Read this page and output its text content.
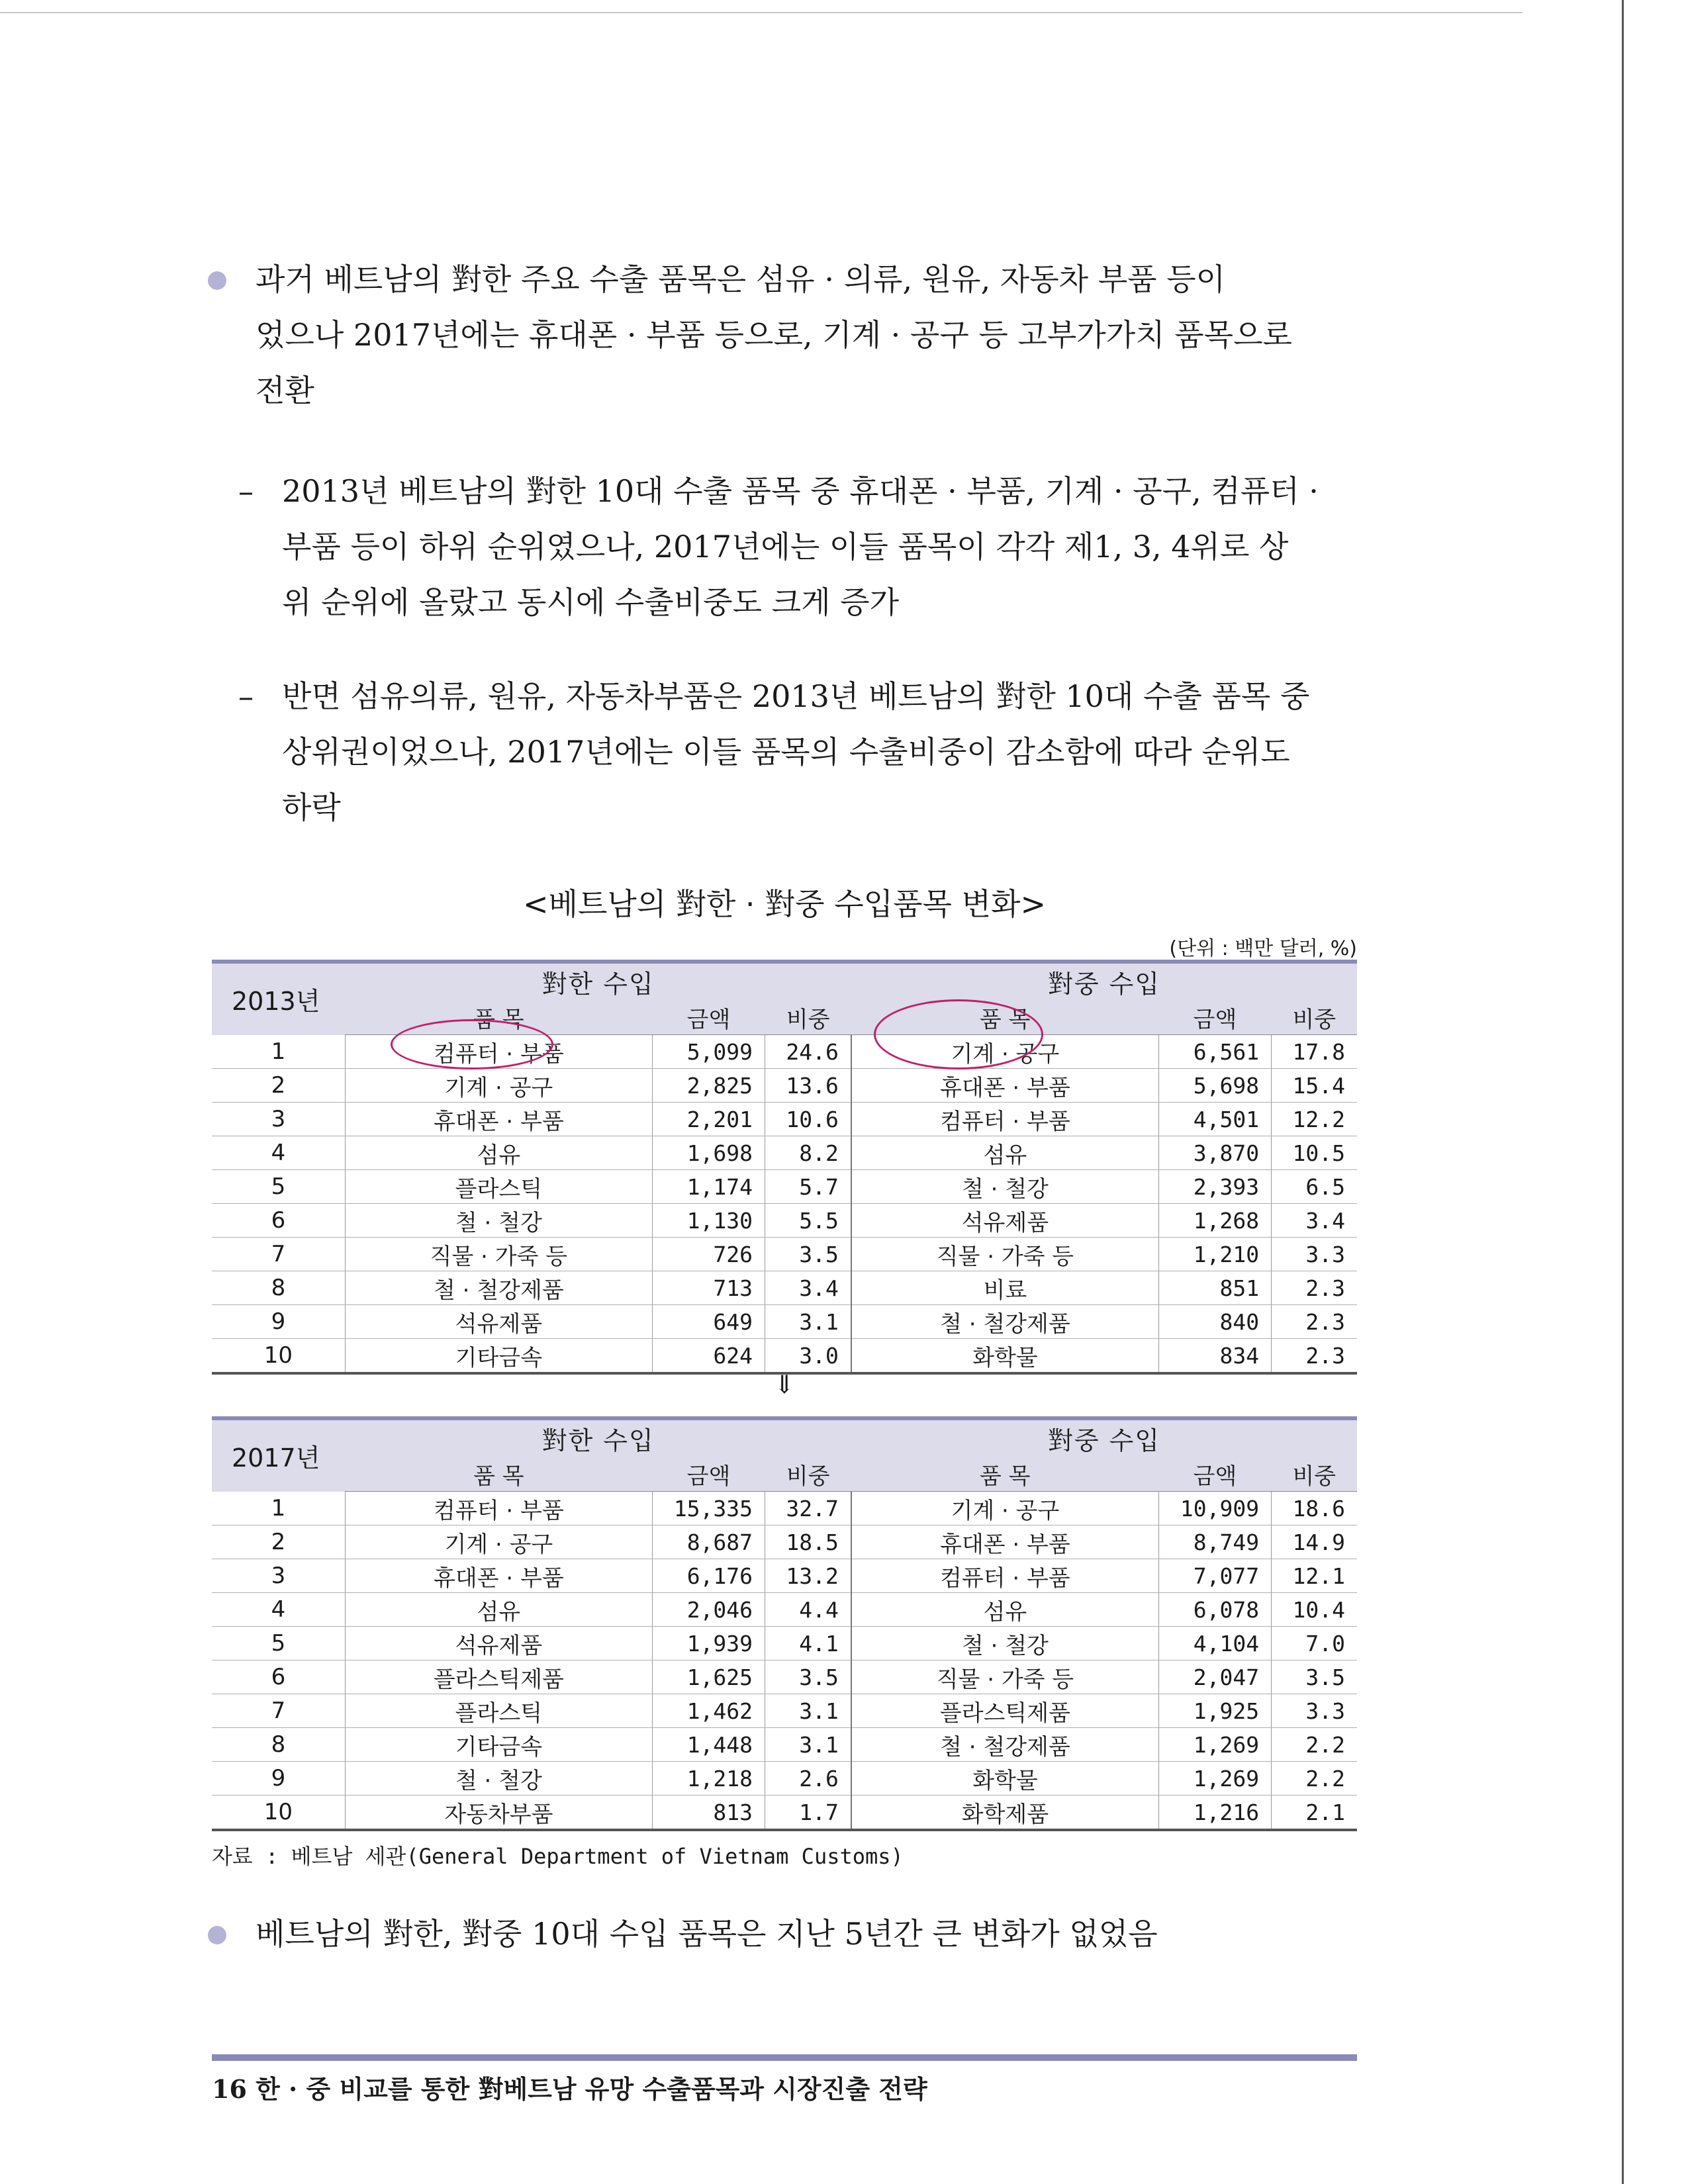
과거 베트남의 對한 주요 수출 품목은 섬유 · 의류, 원유, 자동차 부품 등이
었으나 2017년에는 휴대폰 · 부품 등으로, 기계 · 공구 등 고부가가치 품목으로
전환
– 2013년 베트남의 對한 10대 수출 품목 중 휴대폰 · 부품, 기계 · 공구, 컴퓨터 ·
부품 등이 하위 순위였으나, 2017년에는 이들 품목이 각각 제1, 3, 4위로 상
위 순위에 올랐고 동시에 수출비중도 크게 증가
– 반면 섬유의류, 원유, 자동차부품은 2013년 베트남의 對한 10대 수출 품목 중
상위권이었으나, 2017년에는 이들 품목의 수출비중이 감소함에 따라 순위도
하락
<베트남의 對한 · 對중 수입품목 변화>
(단위 : 백만 달러, %)
2013년	對한 수입			對중 수입		
	품 목	금액	비중	품 목	금액	비중
1	컴퓨터 · 부품	5,099	24.6	기계 · 공구	6,561	17.8
2	기계 · 공구	2,825	13.6	휴대폰 · 부품	5,698	15.4
3	휴대폰 · 부품	2,201	10.6	컴퓨터 · 부품	4,501	12.2
4	섬유	1,698	8.2	섬유	3,870	10.5
5	플라스틱	1,174	5.7	철 · 철강	2,393	6.5
6	철 · 철강	1,130	5.5	석유제품	1,268	3.4
7	직물 · 가죽 등	726	3.5	직물 · 가죽 등	1,210	3.3
8	철 · 철강제품	713	3.4	비료	851	2.3
9	석유제품	649	3.1	철 · 철강제품	840	2.3
10	기타금속	624	3.0	화학물	834	2.3
⇓
2017년	對한 수입			對중 수입		
	품 목	금액	비중	품 목	금액	비중
1	컴퓨터 · 부품	15,335	32.7	기계 · 공구	10,909	18.6
2	기계 · 공구	8,687	18.5	휴대폰 · 부품	8,749	14.9
3	휴대폰 · 부품	6,176	13.2	컴퓨터 · 부품	7,077	12.1
4	섬유	2,046	4.4	섬유	6,078	10.4
5	석유제품	1,939	4.1	철 · 철강	4,104	7.0
6	플라스틱제품	1,625	3.5	직물 · 가죽 등	2,047	3.5
7	플라스틱	1,462	3.1	플라스틱제품	1,925	3.3
8	기타금속	1,448	3.1	철 · 철강제품	1,269	2.2
9	철 · 철강	1,218	2.6	화학물	1,269	2.2
10	자동차부품	813	1.7	화학제품	1,216	2.1
자료 : 베트남 세관(General Department of Vietnam Customs)
베트남의 對한, 對중 10대 수입 품목은 지난 5년간 큰 변화가 없었음
16 한 · 중 비교를 통한 對베트남 유망 수출품목과 시장진출 전략
